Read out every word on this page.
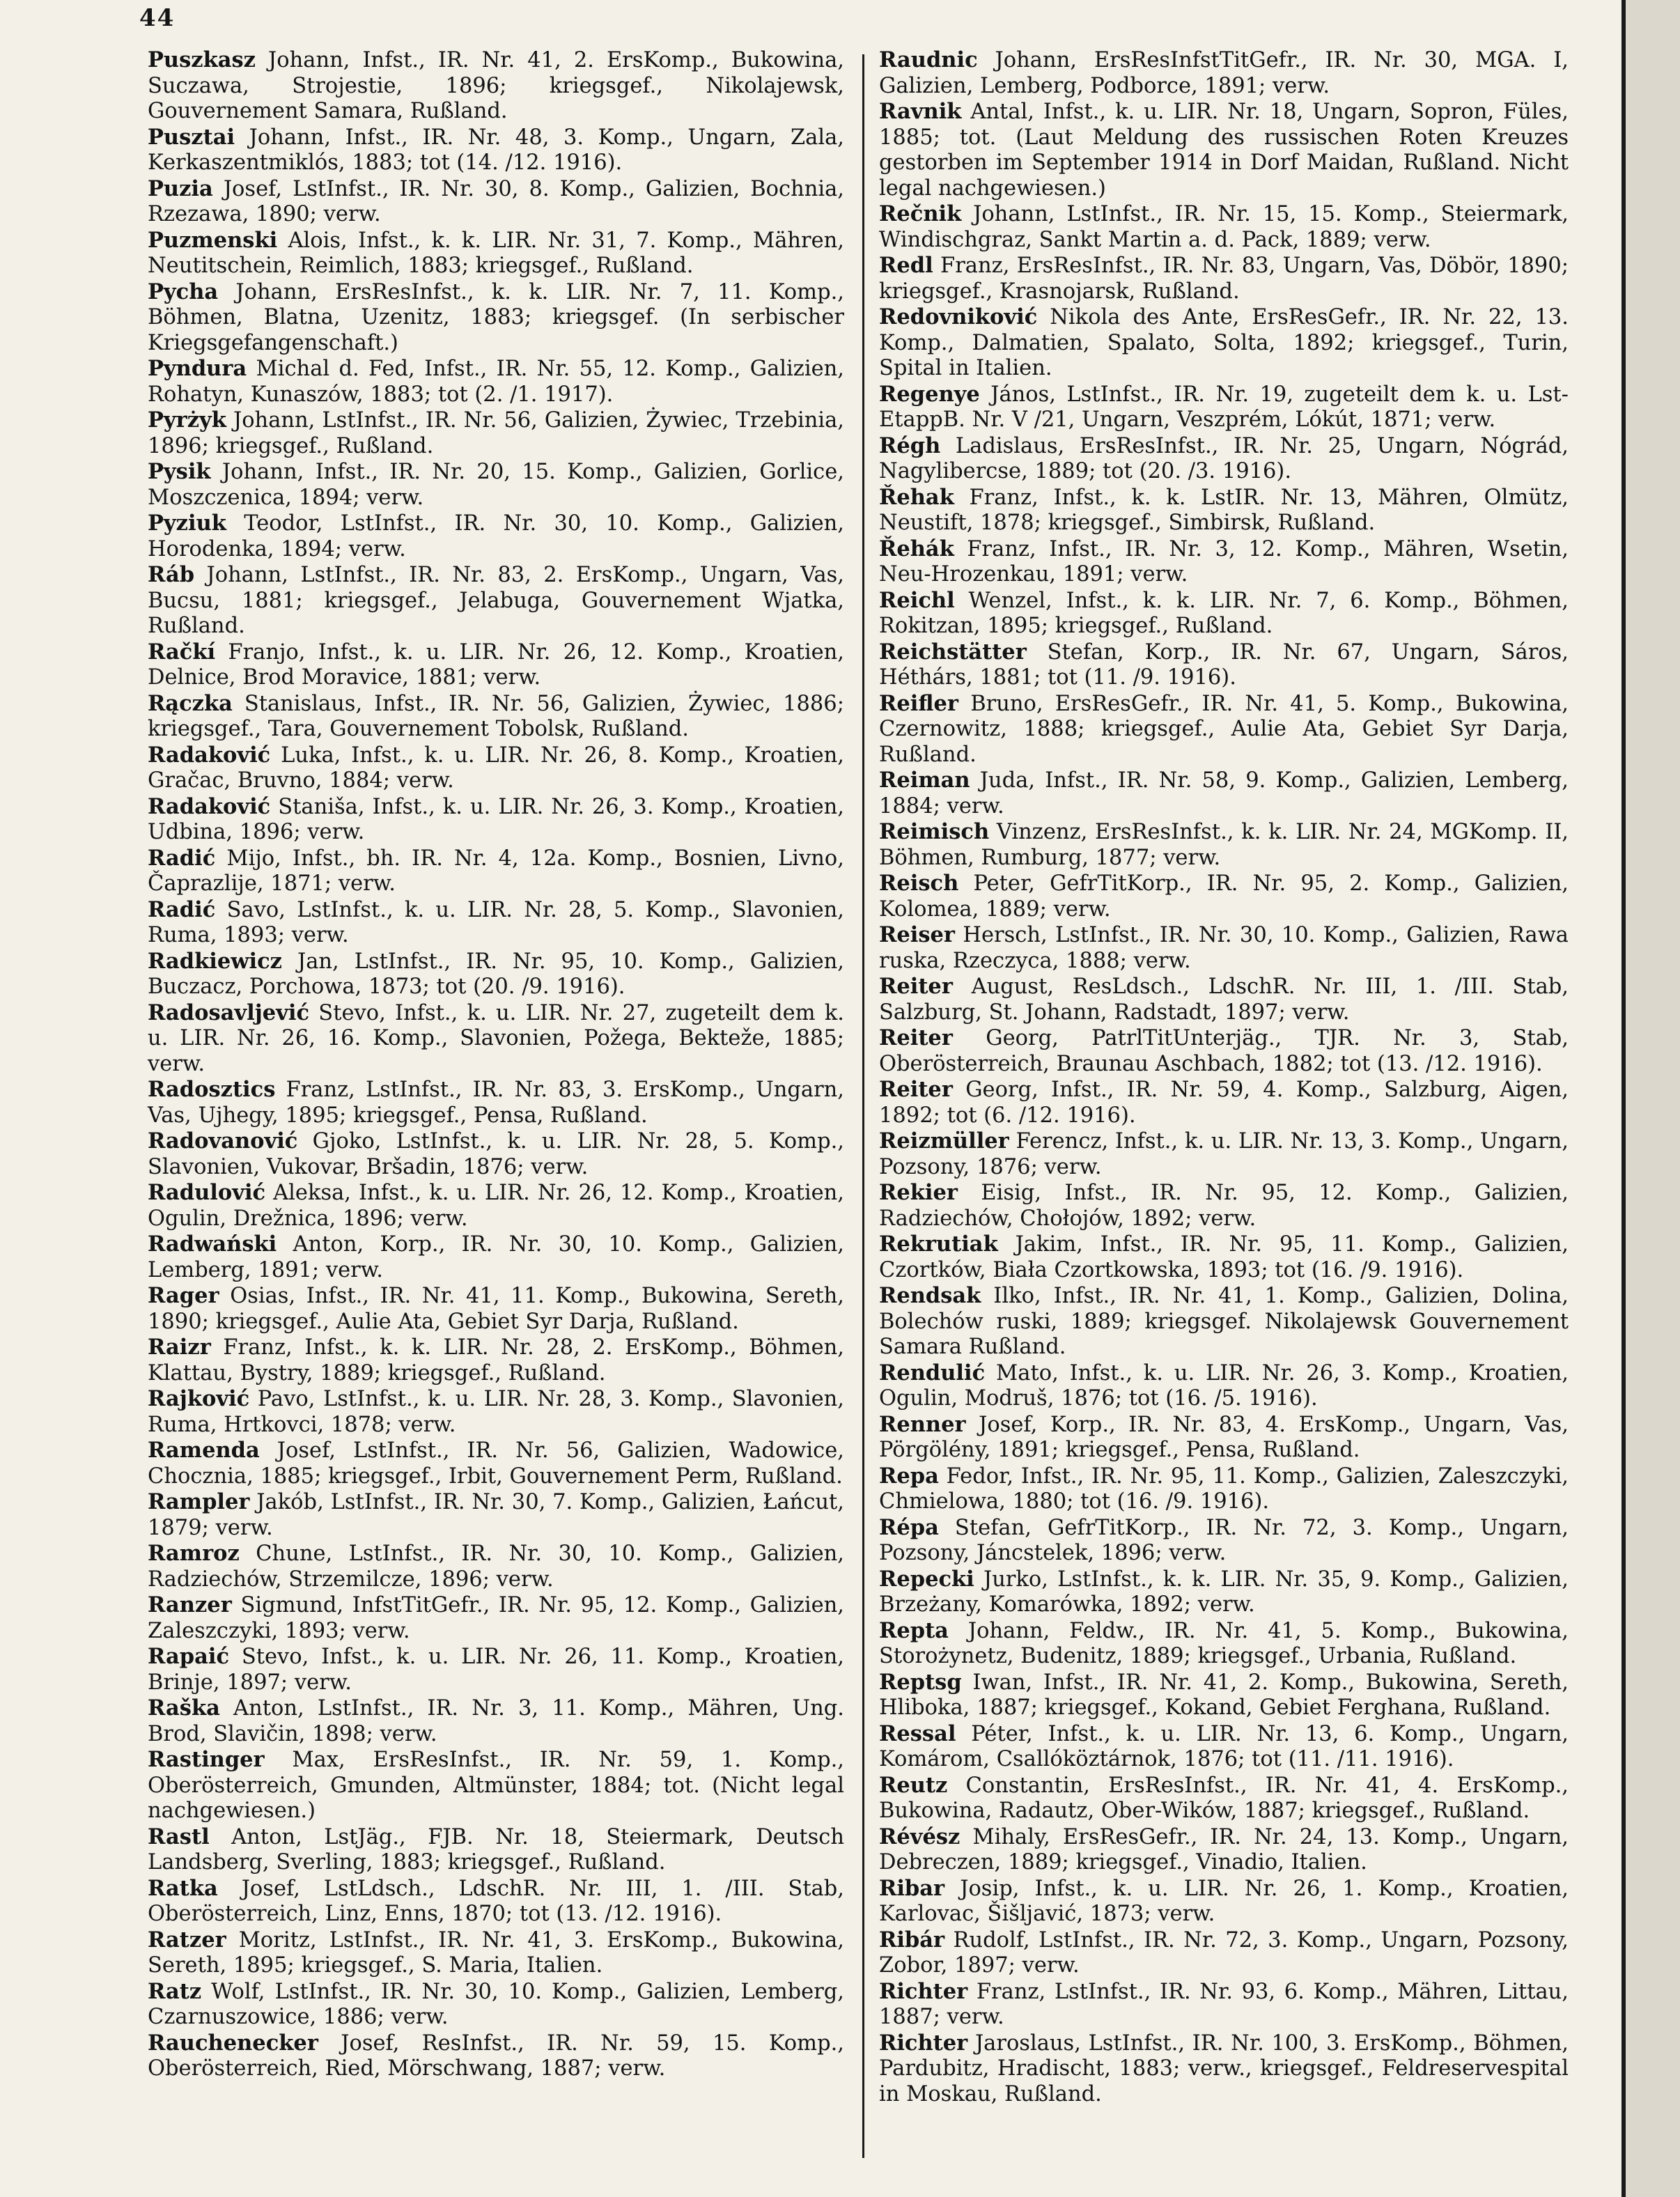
44

Puszkasz Johann, Infst., IR. Nr. 41, 2. ErsKomp., Bukowina, Suczawa, Strojestie, 1896; kriegsgef., Nikolajewsk, Gouvernement Samara, Rußland.

Pusztai Johann, Infst., IR. Nr. 48, 3. Komp., Ungarn, Zala, Kerkaszentmiklós, 1883; tot (14. /12. 1916).

Puzia Josef, LstInfst., IR. Nr. 30, 8. Komp., Galizien, Bochnia, Rzezawa, 1890; verw.

Puzmenski Alois, Infst., k. k. LIR. Nr. 31, 7. Komp., Mähren, Neutitschein, Reimlich, 1883; kriegsgef., Rußland.

Pycha Johann, ErsResInfst., k. k. LIR. Nr. 7, 11. Komp., Böhmen, Blatna, Uzenitz, 1883; kriegsgef. (In serbischer Kriegsgefangenschaft.)

Pyndura Michal d. Fed, Infst., IR. Nr. 55, 12. Komp., Galizien, Rohatyn, Kunaszów, 1883; tot (2. /1. 1917).

Pyrżyk Johann, LstInfst., IR. Nr. 56, Galizien, Żywiec, Trzebinia, 1896; kriegsgef., Rußland.

Pysik Johann, Infst., IR. Nr. 20, 15. Komp., Galizien, Gorlice, Moszczenica, 1894; verw.

Pyziuk Teodor, LstInfst., IR. Nr. 30, 10. Komp., Galizien, Horodenka, 1894; verw.

Ráb Johann, LstInfst., IR. Nr. 83, 2. ErsKomp., Ungarn, Vas, Bucsu, 1881; kriegsgef., Jelabuga, Gouvernement Wjatka, Rußland.

Račkí Franjo, Infst., k. u. LIR. Nr. 26, 12. Komp., Kroatien, Delnice, Brod Moravice, 1881; verw.

Rączka Stanislaus, Infst., IR. Nr. 56, Galizien, Żywiec, 1886; kriegsgef., Tara, Gouvernement Tobolsk, Rußland.

Radaković Luka, Infst., k. u. LIR. Nr. 26, 8. Komp., Kroatien, Gračac, Bruvno, 1884; verw.

Radaković Staniša, Infst., k. u. LIR. Nr. 26, 3. Komp., Kroatien, Udbina, 1896; verw.

Radić Mijo, Infst., bh. IR. Nr. 4, 12a. Komp., Bosnien, Livno, Čaprazlije, 1871; verw.

Radić Savo, LstInfst., k. u. LIR. Nr. 28, 5. Komp., Slavonien, Ruma, 1893; verw.

Radkiewicz Jan, LstInfst., IR. Nr. 95, 10. Komp., Galizien, Buczacz, Porchowa, 1873; tot (20. /9. 1916).

Radosavljević Stevo, Infst., k. u. LIR. Nr. 27, zugeteilt dem k. u. LIR. Nr. 26, 16. Komp., Slavonien, Požega, Bekteže, 1885; verw.

Radosztics Franz, LstInfst., IR. Nr. 83, 3. ErsKomp., Ungarn, Vas, Ujhegy, 1895; kriegsgef., Pensa, Rußland.

Radovanović Gjoko, LstInfst., k. u. LIR. Nr. 28, 5. Komp., Slavonien, Vukovar, Bršadin, 1876; verw.

Radulović Aleksa, Infst., k. u. LIR. Nr. 26, 12. Komp., Kroatien, Ogulin, Drežnica, 1896; verw.

Radwański Anton, Korp., IR. Nr. 30, 10. Komp., Galizien, Lemberg, 1891; verw.

Rager Osias, Infst., IR. Nr. 41, 11. Komp., Bukowina, Sereth, 1890; kriegsgef., Aulie Ata, Gebiet Syr Darja, Rußland.

Raizr Franz, Infst., k. k. LIR. Nr. 28, 2. ErsKomp., Böhmen, Klattau, Bystry, 1889; kriegsgef., Rußland.

Rajković Pavo, LstInfst., k. u. LIR. Nr. 28, 3. Komp., Slavonien, Ruma, Hrtkovci, 1878; verw.

Ramenda Josef, LstInfst., IR. Nr. 56, Galizien, Wadowice, Chocznia, 1885; kriegsgef., Irbit, Gouvernement Perm, Rußland.

Rampler Jakób, LstInfst., IR. Nr. 30, 7. Komp., Galizien, Łańcut, 1879; verw.

Ramroz Chune, LstInfst., IR. Nr. 30, 10. Komp., Galizien, Radziechów, Strzemilcze, 1896; verw.

Ranzer Sigmund, InfstTitGefr., IR. Nr. 95, 12. Komp., Galizien, Zaleszczyki, 1893; verw.

Rapaić Stevo, Infst., k. u. LIR. Nr. 26, 11. Komp., Kroatien, Brinje, 1897; verw.

Raška Anton, LstInfst., IR. Nr. 3, 11. Komp., Mähren, Ung. Brod, Slavičin, 1898; verw.

Rastinger Max, ErsResInfst., IR. Nr. 59, 1. Komp., Oberösterreich, Gmunden, Altmünster, 1884; tot. (Nicht legal nachgewiesen.)

Rastl Anton, LstJäg., FJB. Nr. 18, Steiermark, Deutsch Landsberg, Sverling, 1883; kriegsgef., Rußland.

Ratka Josef, LstLdsch., LdschR. Nr. III, 1. /III. Stab, Oberösterreich, Linz, Enns, 1870; tot (13. /12. 1916).

Ratzer Moritz, LstInfst., IR. Nr. 41, 3. ErsKomp., Bukowina, Sereth, 1895; kriegsgef., S. Maria, Italien.

Ratz Wolf, LstInfst., IR. Nr. 30, 10. Komp., Galizien, Lemberg, Czarnuszowice, 1886; verw.

Rauchenecker Josef, ResInfst., IR. Nr. 59, 15. Komp., Oberösterreich, Ried, Mörschwang, 1887; verw.

Raudnic Johann, ErsResInfstTitGefr., IR. Nr. 30, MGA. I, Galizien, Lemberg, Podborce, 1891; verw.

Ravnik Antal, Infst., k. u. LIR. Nr. 18, Ungarn, Sopron, Füles, 1885; tot. (Laut Meldung des russischen Roten Kreuzes gestorben im September 1914 in Dorf Maidan, Rußland. Nicht legal nachgewiesen.)

Rečnik Johann, LstInfst., IR. Nr. 15, 15. Komp., Steiermark, Windischgraz, Sankt Martin a. d. Pack, 1889; verw.

Redl Franz, ErsResInfst., IR. Nr. 83, Ungarn, Vas, Döbör, 1890; kriegsgef., Krasnojarsk, Rußland.

Redovniković Nikola des Ante, ErsResGefr., IR. Nr. 22, 13. Komp., Dalmatien, Spalato, Solta, 1892; kriegsgef., Turin, Spital in Italien.

Regenye János, LstInfst., IR. Nr. 19, zugeteilt dem k. u. Lst-EtappB. Nr. V /21, Ungarn, Veszprém, Lókút, 1871; verw.

Régh Ladislaus, ErsResInfst., IR. Nr. 25, Ungarn, Nógrád, Nagylibercse, 1889; tot (20. /3. 1916).

Řehak Franz, Infst., k. k. LstIR. Nr. 13, Mähren, Olmütz, Neustift, 1878; kriegsgef., Simbirsk, Rußland.

Řehák Franz, Infst., IR. Nr. 3, 12. Komp., Mähren, Wsetin, Neu-Hrozenkau, 1891; verw.

Reichl Wenzel, Infst., k. k. LIR. Nr. 7, 6. Komp., Böhmen, Rokitzan, 1895; kriegsgef., Rußland.

Reichstätter Stefan, Korp., IR. Nr. 67, Ungarn, Sáros, Héthárs, 1881; tot (11. /9. 1916).

Reifler Bruno, ErsResGefr., IR. Nr. 41, 5. Komp., Bukowina, Czernowitz, 1888; kriegsgef., Aulie Ata, Gebiet Syr Darja, Rußland.

Reiman Juda, Infst., IR. Nr. 58, 9. Komp., Galizien, Lemberg, 1884; verw.

Reimisch Vinzenz, ErsResInfst., k. k. LIR. Nr. 24, MGKomp. II, Böhmen, Rumburg, 1877; verw.

Reisch Peter, GefrTitKorp., IR. Nr. 95, 2. Komp., Galizien, Kolomea, 1889; verw.

Reiser Hersch, LstInfst., IR. Nr. 30, 10. Komp., Galizien, Rawa ruska, Rzeczyca, 1888; verw.

Reiter August, ResLdsch., LdschR. Nr. III, 1. /III. Stab, Salzburg, St. Johann, Radstadt, 1897; verw.

Reiter Georg, PatrlTitUnterjäg., TJR. Nr. 3, Stab, Oberösterreich, Braunau Aschbach, 1882; tot (13. /12. 1916).

Reiter Georg, Infst., IR. Nr. 59, 4. Komp., Salzburg, Aigen, 1892; tot (6. /12. 1916).

Reizmüller Ferencz, Infst., k. u. LIR. Nr. 13, 3. Komp., Ungarn, Pozsony, 1876; verw.

Rekier Eisig, Infst., IR. Nr. 95, 12. Komp., Galizien, Radziechów, Chołojów, 1892; verw.

Rekrutiak Jakim, Infst., IR. Nr. 95, 11. Komp., Galizien, Czortków, Biała Czortkowska, 1893; tot (16. /9. 1916).

Rendsak Ilko, Infst., IR. Nr. 41, 1. Komp., Galizien, Dolina, Bolechów ruski, 1889; kriegsgef. Nikolajewsk Gouvernement Samara Rußland.

Rendulić Mato, Infst., k. u. LIR. Nr. 26, 3. Komp., Kroatien, Ogulin, Modruš, 1876; tot (16. /5. 1916).

Renner Josef, Korp., IR. Nr. 83, 4. ErsKomp., Ungarn, Vas, Pörgölény, 1891; kriegsgef., Pensa, Rußland.

Repa Fedor, Infst., IR. Nr. 95, 11. Komp., Galizien, Zaleszczyki, Chmielowa, 1880; tot (16. /9. 1916).

Répa Stefan, GefrTitKorp., IR. Nr. 72, 3. Komp., Ungarn, Pozsony, Jáncstelek, 1896; verw.

Repecki Jurko, LstInfst., k. k. LIR. Nr. 35, 9. Komp., Galizien, Brzeżany, Komarówka, 1892; verw.

Repta Johann, Feldw., IR. Nr. 41, 5. Komp., Bukowina, Storożynetz, Budenitz, 1889; kriegsgef., Urbania, Rußland.

Reptsg Iwan, Infst., IR. Nr. 41, 2. Komp., Bukowina, Sereth, Hliboka, 1887; kriegsgef., Kokand, Gebiet Ferghana, Rußland.

Ressal Péter, Infst., k. u. LIR. Nr. 13, 6. Komp., Ungarn, Komárom, Csallóköztárnok, 1876; tot (11. /11. 1916).

Reutz Constantin, ErsResInfst., IR. Nr. 41, 4. ErsKomp., Bukowina, Radautz, Ober-Wików, 1887; kriegsgef., Rußland.

Révész Mihaly, ErsResGefr., IR. Nr. 24, 13. Komp., Ungarn, Debreczen, 1889; kriegsgef., Vinadio, Italien.

Ribar Josip, Infst., k. u. LIR. Nr. 26, 1. Komp., Kroatien, Karlovac, Šišljavić, 1873; verw.

Ribár Rudolf, LstInfst., IR. Nr. 72, 3. Komp., Ungarn, Pozsony, Zobor, 1897; verw.

Richter Franz, LstInfst., IR. Nr. 93, 6. Komp., Mähren, Littau, 1887; verw.

Richter Jaroslaus, LstInfst., IR. Nr. 100, 3. ErsKomp., Böhmen, Pardubitz, Hradischt, 1883; verw., kriegsgef., Feldreservespital in Moskau, Rußland.
